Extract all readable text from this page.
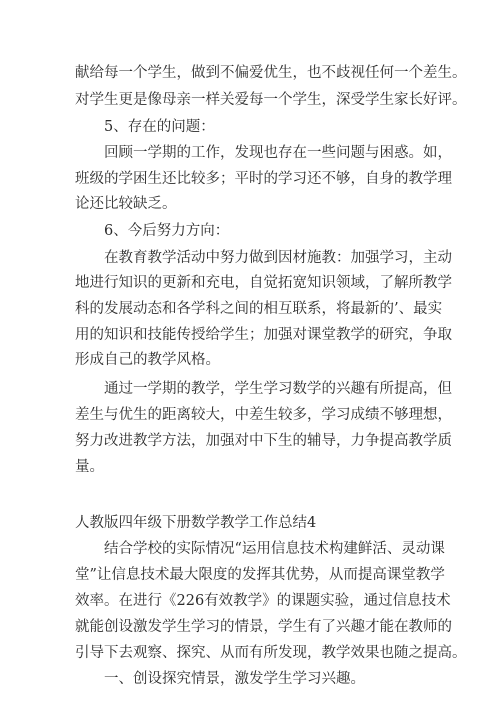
献给每一个学生，做到不偏爱优生，也不歧视任何一个差生。
对学生更是像母亲一样关爱每一个学生，深受学生家长好评。
5、存在的问题：
回顾一学期的工作，发现也存在一些问题与困惑。如，
班级的学困生还比较多；平时的学习还不够，自身的教学理
论还比较缺乏。
6、今后努力方向：
在教育教学活动中努力做到因材施教：加强学习，主动
地进行知识的更新和充电，自觉拓宽知识领域，了解所教学
科的发展动态和各学科之间的相互联系，将最新的’、最实
用的知识和技能传授给学生；加强对课堂教学的研究，争取
形成自己的教学风格。
通过一学期的教学，学生学习数学的兴趣有所提高，但
差生与优生的距离较大，中差生较多，学习成绩不够理想，
努力改进教学方法，加强对中下生的辅导，力争提高教学质
量。
人教版四年级下册数学教学工作总结4
结合学校的实际情况“运用信息技术构建鲜活、灵动课
堂”让信息技术最大限度的发挥其优势，从而提高课堂教学
效率。在进行《226有效教学》的课题实验，通过信息技术
就能创设激发学生学习的情景，学生有了兴趣才能在教师的
引导下去观察、探究、从而有所发现，教学效果也随之提高。
一、创设探究情景，激发学生学习兴趣。
